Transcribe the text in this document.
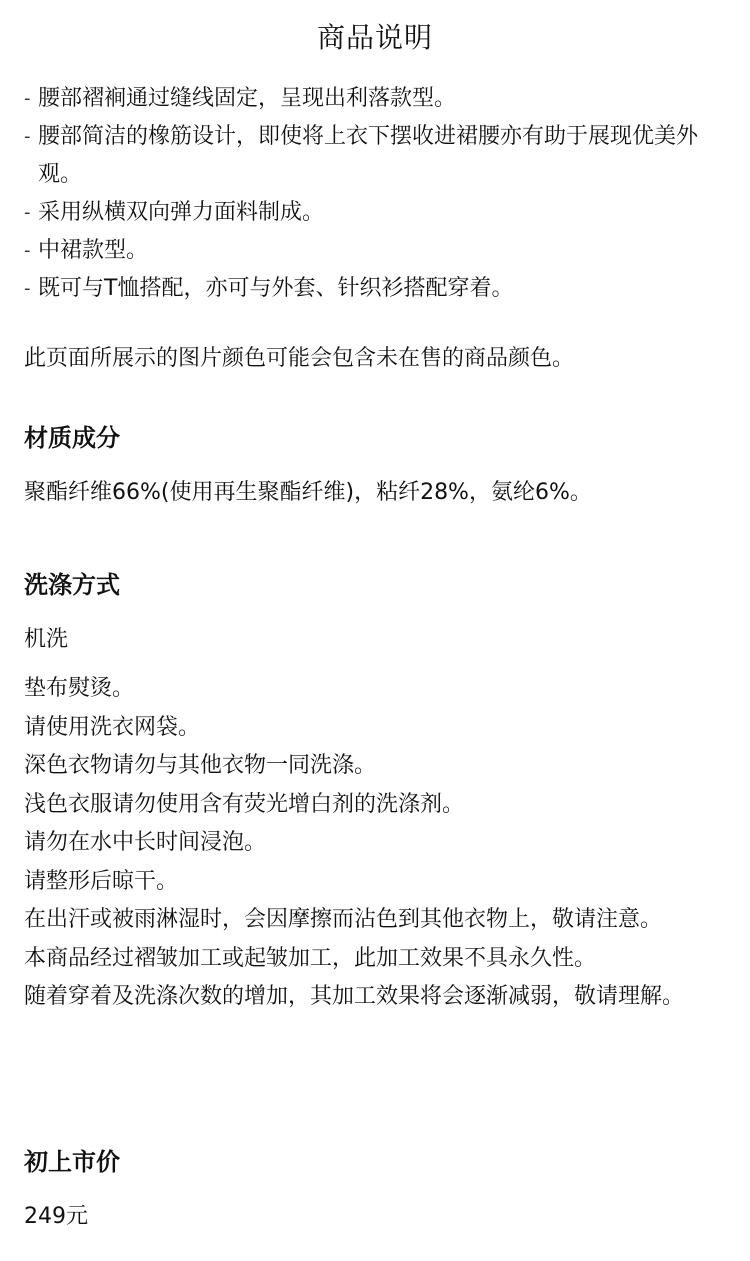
商品说明
- 腰部褶裥通过缝线固定，呈现出利落款型。
- 腰部简洁的橡筋设计，即使将上衣下摆收进裙腰亦有助于展现优美外观。
- 采用纵横双向弹力面料制成。
- 中裙款型。
- 既可与T恤搭配，亦可与外套、针织衫搭配穿着。
此页面所展示的图片颜色可能会包含未在售的商品颜色。
材质成分
聚酯纤维66%(使用再生聚酯纤维)，粘纤28%，氨纶6%。
洗涤方式
机洗
垫布熨烫。
请使用洗衣网袋。
深色衣物请勿与其他衣物一同洗涤。
浅色衣服请勿使用含有荧光增白剂的洗涤剂。
请勿在水中长时间浸泡。
请整形后晾干。
在出汗或被雨淋湿时，会因摩擦而沾色到其他衣物上，敬请注意。
本商品经过褶皱加工或起皱加工，此加工效果不具永久性。
随着穿着及洗涤次数的增加，其加工效果将会逐渐减弱，敬请理解。
初上市价
249元
